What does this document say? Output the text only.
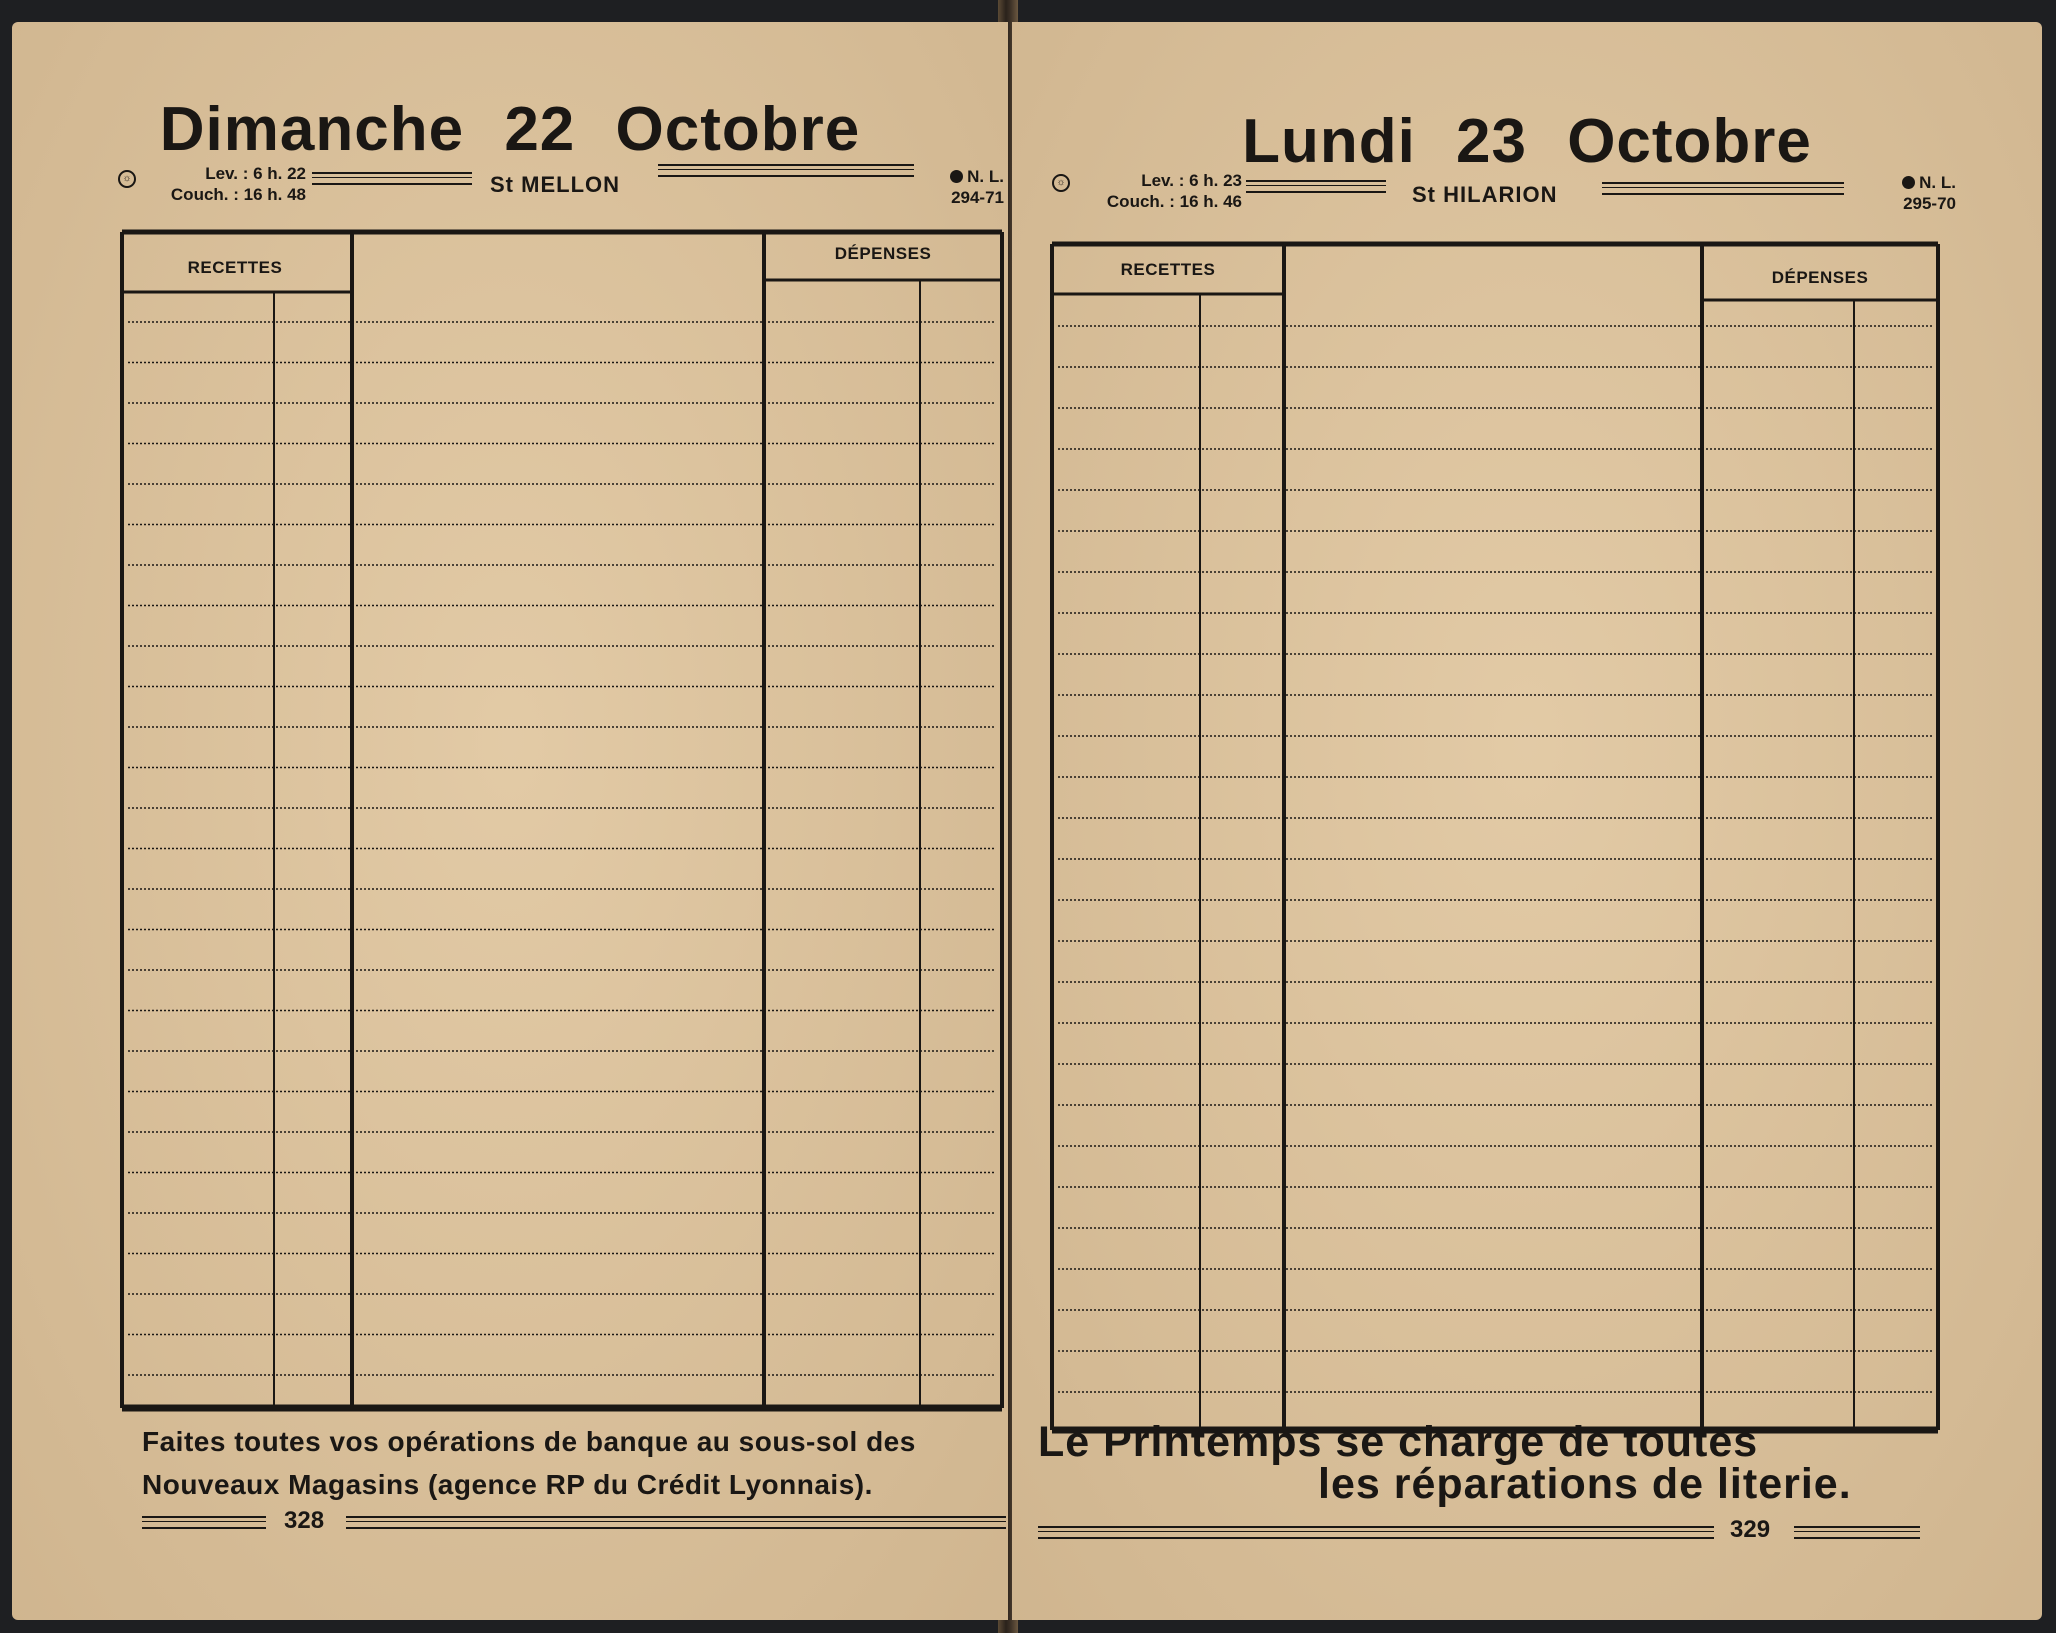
Dimanche 22 Octobre
☼	Lev. : 6 h. 22
Couch. : 16 h. 48	St MELLON	N. L.
294-71
RECETTES
DÉPENSES
Faites toutes vos opérations de banque au sous-sol des
Nouveaux Magasins (agence RP du Crédit Lyonnais).
328
Lundi 23 Octobre
☼	Lev. : 6 h. 23
Couch. : 16 h. 46	St HILARION	N. L.
295-70
RECETTES	DÉPENSES
Le Printemps se charge de toutes
les réparations de literie.
329
